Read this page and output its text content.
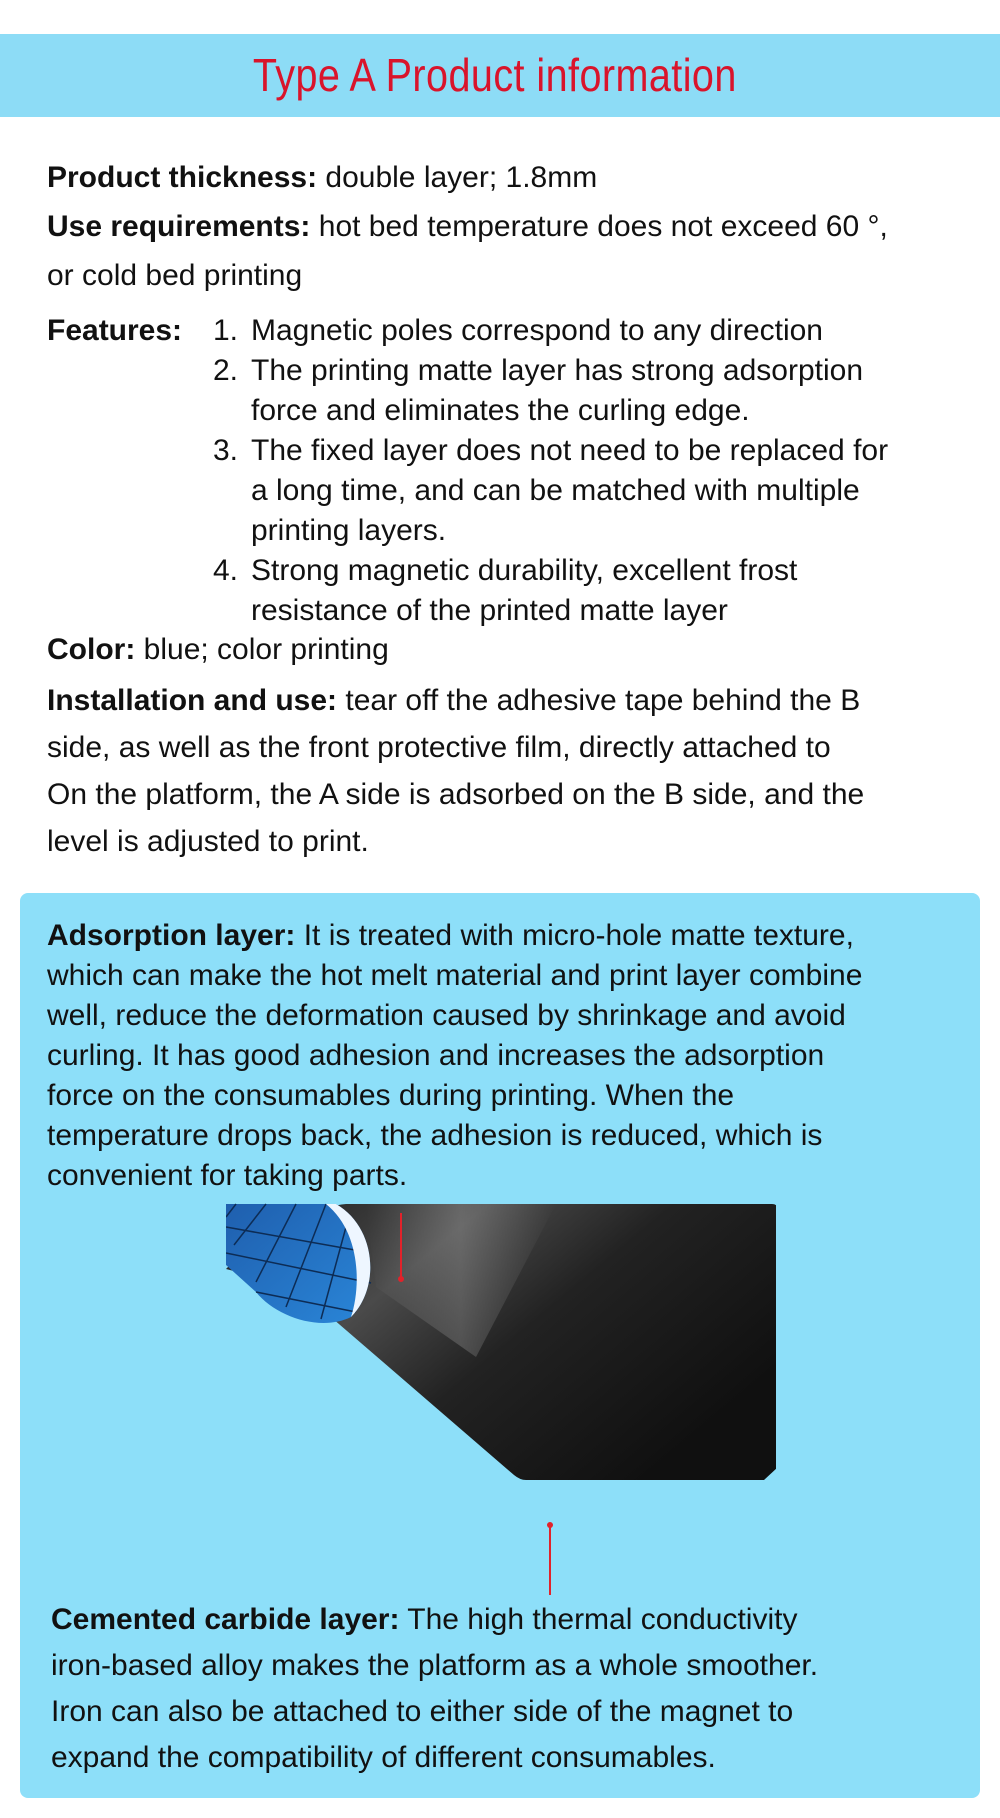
Type A Product information
Product thickness: double layer; 1.8mm
Use requirements: hot bed temperature does not exceed 60 °,
or cold bed printing
Features: 1. Magnetic poles correspond to any direction
2. The printing matte layer has strong adsorption
force and eliminates the curling edge.
3. The fixed layer does not need to be replaced for
a long time, and can be matched with multiple
printing layers.
4. Strong magnetic durability, excellent frost
resistance of the printed matte layer
Color: blue; color printing
Installation and use: tear off the adhesive tape behind the B
side, as well as the front protective film, directly attached to
On the platform, the A side is adsorbed on the B side, and the
level is adjusted to print.
Adsorption layer: It is treated with micro-hole matte texture,
which can make the hot melt material and print layer combine
well, reduce the deformation caused by shrinkage and avoid
curling. It has good adhesion and increases the adsorption
force on the consumables during printing. When the
temperature drops back, the adhesion is reduced, which is
convenient for taking parts.
Cemented carbide layer: The high thermal conductivity
iron-based alloy makes the platform as a whole smoother.
Iron can also be attached to either side of the magnet to
expand the compatibility of different consumables.
